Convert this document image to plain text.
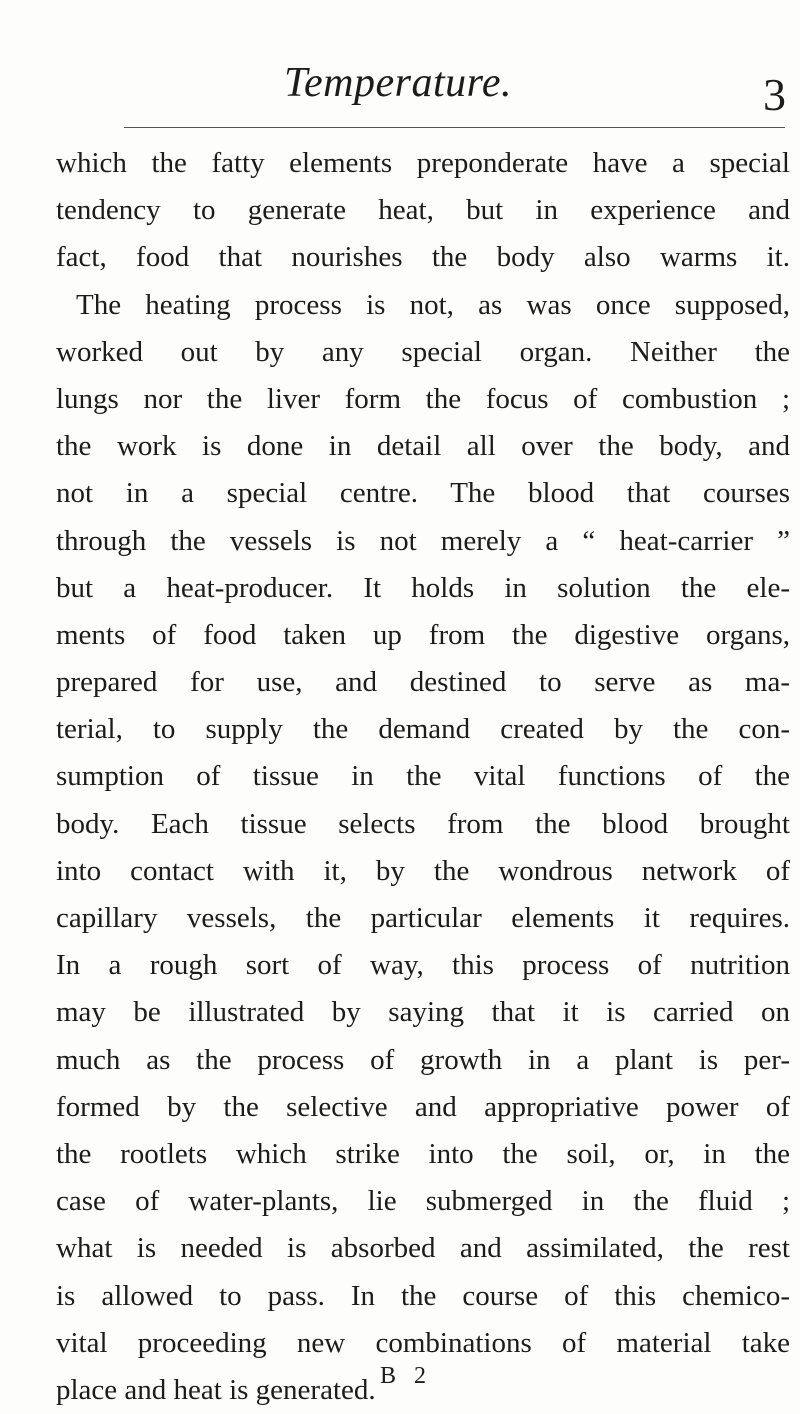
Temperature.	3
which the fatty elements preponderate have a special
tendency to generate heat, but in experience and
fact, food that nourishes the body also warms it.
The heating process is not, as was once supposed,
worked out by any special organ. Neither the
lungs nor the liver form the focus of combustion ;
the work is done in detail all over the body, and
not in a special centre. The blood that courses
through the vessels is not merely a “ heat-carrier ”
but a heat-producer. It holds in solution the ele-
ments of food taken up from the digestive organs,
prepared for use, and destined to serve as ma-
terial, to supply the demand created by the con-
sumption of tissue in the vital functions of the
body. Each tissue selects from the blood brought
into contact with it, by the wondrous network of
capillary vessels, the particular elements it requires.
In a rough sort of way, this process of nutrition
may be illustrated by saying that it is carried on
much as the process of growth in a plant is per-
formed by the selective and appropriative power of
the rootlets which strike into the soil, or, in the
case of water-plants, lie submerged in the fluid ;
what is needed is absorbed and assimilated, the rest
is allowed to pass. In the course of this chemico-
vital proceeding new combinations of material take
place and heat is generated. B 2
